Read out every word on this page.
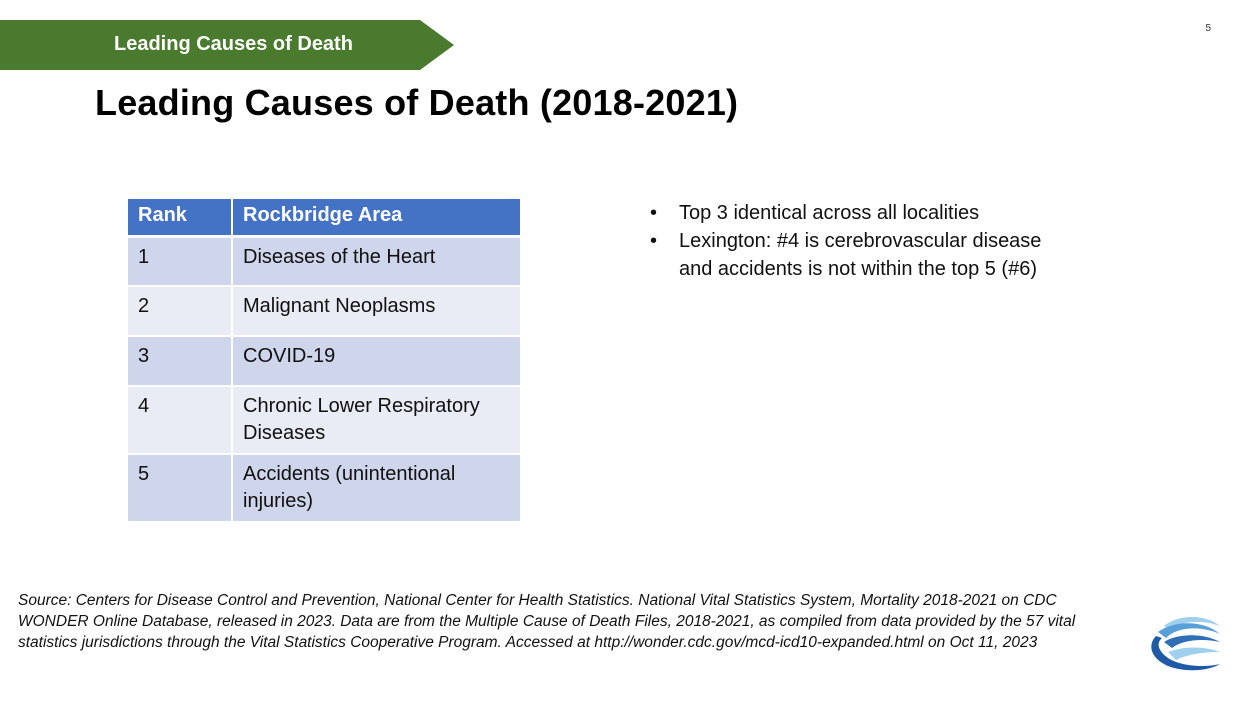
Leading Causes of Death
5
Leading Causes of Death (2018-2021)
Rank	Rockbridge Area
1	Diseases of the Heart
2	Malignant Neoplasms
3	COVID-19
4	Chronic Lower Respiratory Diseases
5	Accidents (unintentional injuries)
• Top 3 identical across all localities
• Lexington: #4 is cerebrovascular disease and accidents is not within the top 5 (#6)
Source: Centers for Disease Control and Prevention, National Center for Health Statistics. National Vital Statistics System, Mortality 2018-2021 on CDC WONDER Online Database, released in 2023. Data are from the Multiple Cause of Death Files, 2018-2021, as compiled from data provided by the 57 vital statistics jurisdictions through the Vital Statistics Cooperative Program. Accessed at http://wonder.cdc.gov/mcd-icd10-expanded.html on Oct 11, 2023
